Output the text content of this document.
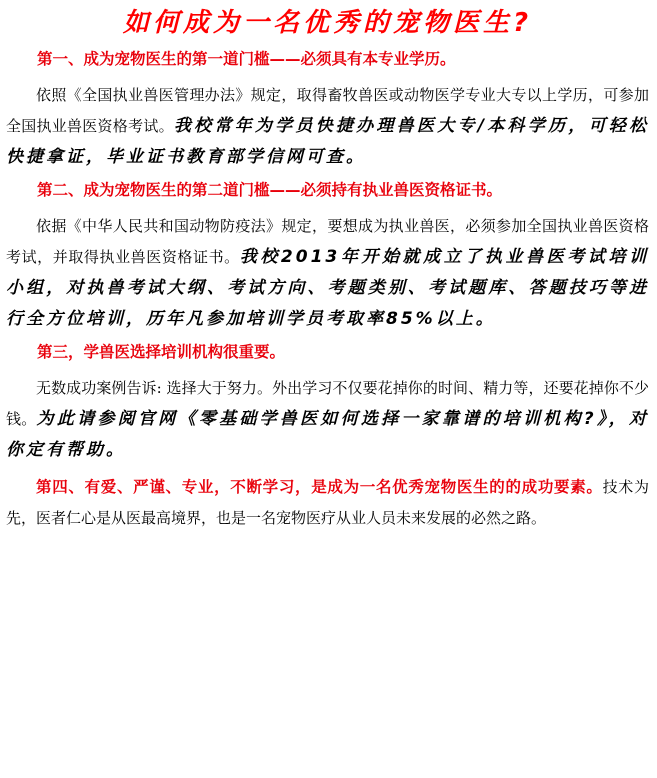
如何成为一名优秀的宠物医生?
第一、成为宠物医生的第一道门槛——必须具有本专业学历。

依照《全国执业兽医管理办法》规定，取得畜牧兽医或动物医学专业大专以上学历，可参加全国执业兽医资格考试。我校常年为学员快捷办理兽医大专/本科学历，可轻松快捷拿证，毕业证书教育部学信网可查。

第二、成为宠物医生的第二道门槛——必须持有执业兽医资格证书。

依据《中华人民共和国动物防疫法》规定，要想成为执业兽医，必须参加全国执业兽医资格考试，并取得执业兽医资格证书。我校2013年开始就成立了执业兽医考试培训小组，对执兽考试大纲、考试方向、考题类别、考试题库、答题技巧等进行全方位培训，历年凡参加培训学员考取率85%以上。

第三，学兽医选择培训机构很重要。

无数成功案例告诉: 选择大于努力。外出学习不仅要花掉你的时间、精力等，还要花掉你不少钱。为此请参阅官网《零基础学兽医如何选择一家靠谱的培训机构?》，对你定有帮助。

第四、有爱、严谨、专业，不断学习，是成为一名优秀宠物医生的的成功要素。技术为先，医者仁心是从医最高境界，也是一名宠物医疗从业人员未来发展的必然之路。
